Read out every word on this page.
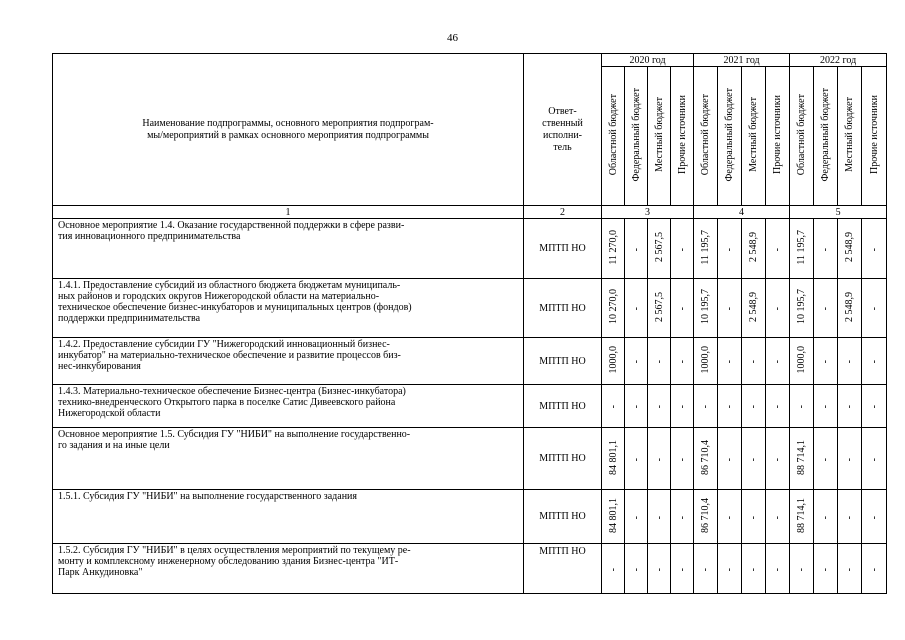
46
Наименование подпрограммы, основного мероприятия подпрограм-
мы/мероприятий в рамках основного мероприятия подпрограммы	Ответ-
ственный
исполни-
тель	2020 год				2021 год				2022 год			
		Областной бюджет	Федеральный бюджет	Местный бюджет	Прочие источники	Областной бюджет	Федеральный бюджет	Местный бюджет	Прочие источники	Областной бюджет	Федеральный бюджет	Местный бюджет	Прочие источники
1	2	3				4				5			
Основное мероприятие 1.4. Оказание государственной поддержки в сфере разви-
тия инновационного предпринимательства	МПТП НО	11 270,0	-	2 567,5	-	11 195,7	-	2 548,9	-	11 195,7	-	2 548,9	-
1.4.1. Предоставление субсидий из областного бюджета бюджетам муниципаль-
ных районов и городских округов Нижегородской области на материально-
техническое обеспечение бизнес-инкубаторов и муниципальных центров (фондов)
поддержки предпринимательства	МПТП НО	10 270,0	-	2 567,5	-	10 195,7	-	2 548,9	-	10 195,7	-	2 548,9	-
1.4.2. Предоставление субсидии ГУ "Нижегородский инновационный бизнес-
инкубатор" на материально-техническое обеспечение и развитие процессов биз-
нес-инкубирования	МПТП НО	1000,0	-	-	-	1000,0	-	-	-	1000,0	-	-	-
1.4.3. Материально-техническое обеспечение Бизнес-центра (Бизнес-инкубатора)
технико-внедренческого Открытого парка в поселке Сатис Дивеевского района
Нижегородской области	МПТП НО	-	-	-	-	-	-	-	-	-	-	-	-
Основное мероприятие 1.5. Субсидия ГУ "НИБИ" на выполнение государственно-
го задания и на иные цели	МПТП НО	84 801,1	-	-	-	86 710,4	-	-	-	88 714,1	-	-	-
1.5.1. Субсидия ГУ "НИБИ" на выполнение государственного задания	МПТП НО	84 801,1	-	-	-	86 710,4	-	-	-	88 714,1	-	-	-
1.5.2. Субсидия ГУ "НИБИ" в целях осуществления мероприятий по текущему ре-
монту и комплексному инженерному обследованию здания Бизнес-центра "ИТ-
Парк Анкудиновка"	МПТП НО	-	-	-	-	-	-	-	-	-	-	-	-
